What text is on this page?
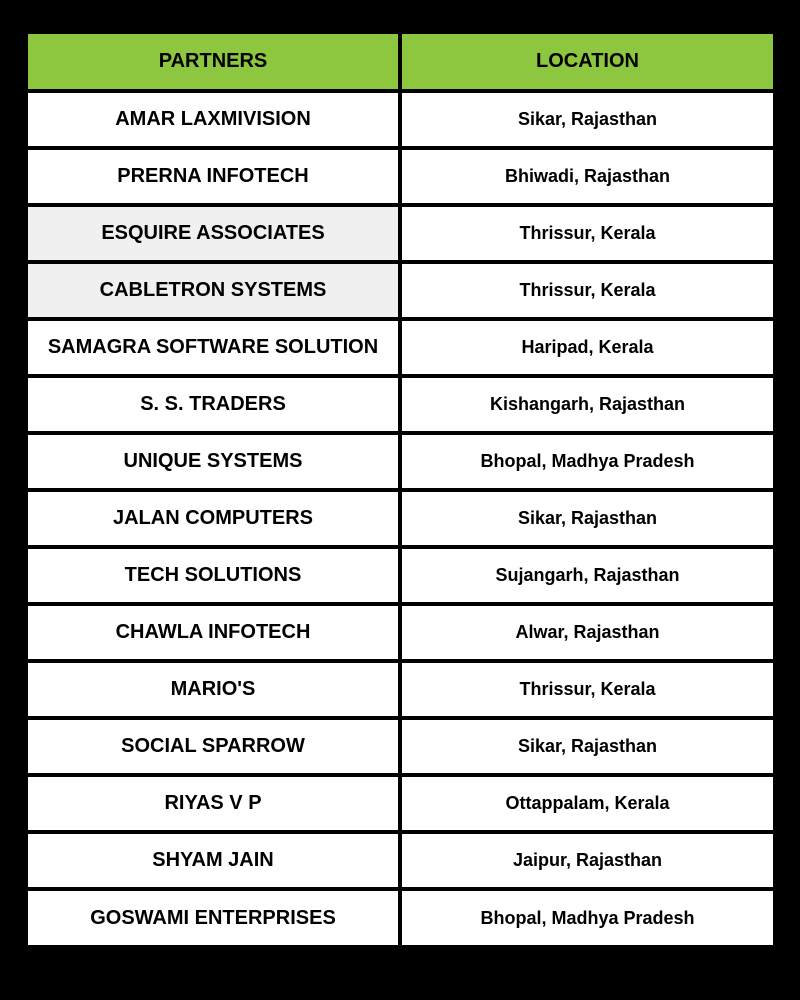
PARTNERS	LOCATION
AMAR LAXMIVISION	Sikar, Rajasthan
PRERNA INFOTECH	Bhiwadi, Rajasthan
ESQUIRE ASSOCIATES	Thrissur, Kerala
CABLETRON SYSTEMS	Thrissur, Kerala
SAMAGRA SOFTWARE SOLUTION	Haripad, Kerala
S. S. TRADERS	Kishangarh, Rajasthan
UNIQUE SYSTEMS	Bhopal, Madhya Pradesh
JALAN COMPUTERS	Sikar, Rajasthan
TECH SOLUTIONS	Sujangarh, Rajasthan
CHAWLA INFOTECH	Alwar, Rajasthan
MARIO'S	Thrissur, Kerala
SOCIAL SPARROW	Sikar, Rajasthan
RIYAS V P	Ottappalam, Kerala
SHYAM JAIN	Jaipur, Rajasthan
GOSWAMI ENTERPRISES	Bhopal, Madhya Pradesh
